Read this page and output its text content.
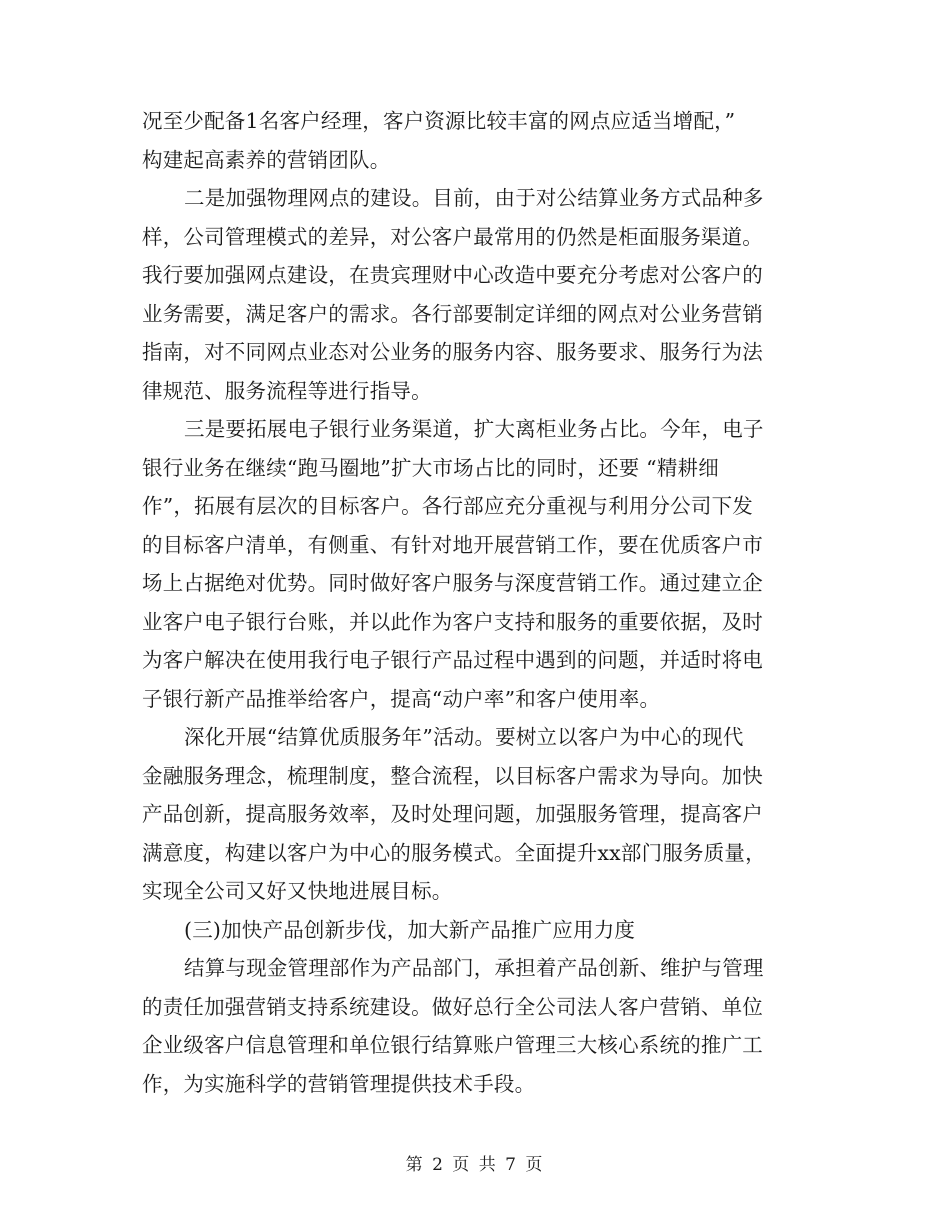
况至少配备1名客户经理，客户资源比较丰富的网点应适当增配，”
构建起高素养的营销团队。
二是加强物理网点的建设。目前，由于对公结算业务方式品种多
样，公司管理模式的差异，对公客户最常用的仍然是柜面服务渠道。
我行要加强网点建设，在贵宾理财中心改造中要充分考虑对公客户的
业务需要，满足客户的需求。各行部要制定详细的网点对公业务营销
指南，对不同网点业态对公业务的服务内容、服务要求、服务行为法
律规范、服务流程等进行指导。
三是要拓展电子银行业务渠道，扩大离柜业务占比。今年，电子
银行业务在继续“跑马圈地”扩大市场占比的同时，还要 “精耕细
作”，拓展有层次的目标客户。各行部应充分重视与利用分公司下发
的目标客户清单，有侧重、有针对地开展营销工作，要在优质客户市
场上占据绝对优势。同时做好客户服务与深度营销工作。通过建立企
业客户电子银行台账，并以此作为客户支持和服务的重要依据，及时
为客户解决在使用我行电子银行产品过程中遇到的问题，并适时将电
子银行新产品推举给客户，提高“动户率”和客户使用率。
深化开展“结算优质服务年”活动。要树立以客户为中心的现代
金融服务理念，梳理制度，整合流程，以目标客户需求为导向。加快
产品创新，提高服务效率，及时处理问题，加强服务管理，提高客户
满意度，构建以客户为中心的服务模式。全面提升xx部门服务质量，
实现全公司又好又快地进展目标。
(三)加快产品创新步伐，加大新产品推广应用力度
结算与现金管理部作为产品部门，承担着产品创新、维护与管理
的责任加强营销支持系统建设。做好总行全公司法人客户营销、单位
企业级客户信息管理和单位银行结算账户管理三大核心系统的推广工
作，为实施科学的营销管理提供技术手段。
第 2 页 共 7 页
